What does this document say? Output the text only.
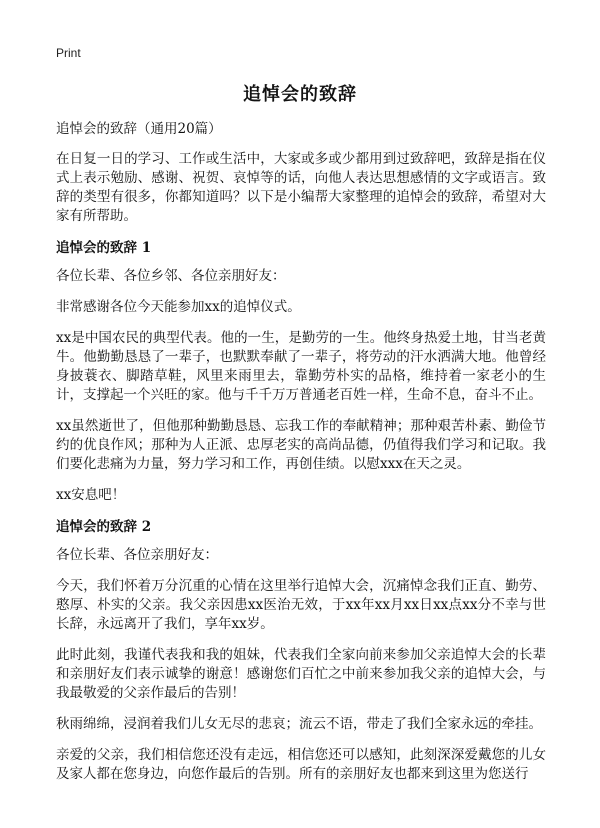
Print
追悼会的致辞

追悼会的致辞（通用20篇）

在日复一日的学习、工作或生活中，大家或多或少都用到过致辞吧，致辞是指在仪式上表示勉励、感谢、祝贺、哀悼等的话，向他人表达思想感情的文字或语言。致辞的类型有很多，你都知道吗？以下是小编帮大家整理的追悼会的致辞，希望对大家有所帮助。

追悼会的致辞 1

各位长辈、各位乡邻、各位亲朋好友：

非常感谢各位今天能参加xx的追悼仪式。

xx是中国农民的典型代表。他的一生，是勤劳的一生。他终身热爱土地，甘当老黄牛。他勤勤恳恳了一辈子，也默默奉献了一辈子，将劳动的汗水洒满大地。他曾经身披蓑衣、脚踏草鞋，风里来雨里去，靠勤劳朴实的品格，维持着一家老小的生计，支撑起一个兴旺的家。他与千千万万普通老百姓一样，生命不息，奋斗不止。

xx虽然逝世了，但他那种勤勤恳恳、忘我工作的奉献精神；那种艰苦朴素、勤俭节约的优良作风；那种为人正派、忠厚老实的高尚品德，仍值得我们学习和记取。我们要化悲痛为力量，努力学习和工作，再创佳绩。以慰xxx在天之灵。

xx安息吧！

追悼会的致辞 2

各位长辈、各位亲朋好友：

今天，我们怀着万分沉重的心情在这里举行追悼大会，沉痛悼念我们正直、勤劳、憨厚、朴实的父亲。我父亲因患xx医治无效，于xx年xx月xx日xx点xx分不幸与世长辞，永远离开了我们，享年xx岁。

此时此刻，我谨代表我和我的姐妹，代表我们全家向前来参加父亲追悼大会的长辈和亲朋好友们表示诚挚的谢意！感谢您们百忙之中前来参加我父亲的追悼大会，与我最敬爱的父亲作最后的告别！

秋雨绵绵，浸润着我们儿女无尽的悲哀；流云不语，带走了我们全家永远的牵挂。

亲爱的父亲，我们相信您还没有走远，相信您还可以感知，此刻深深爱戴您的儿女及家人都在您身边，向您作最后的告别。所有的亲朋好友也都来到这里为您送行
